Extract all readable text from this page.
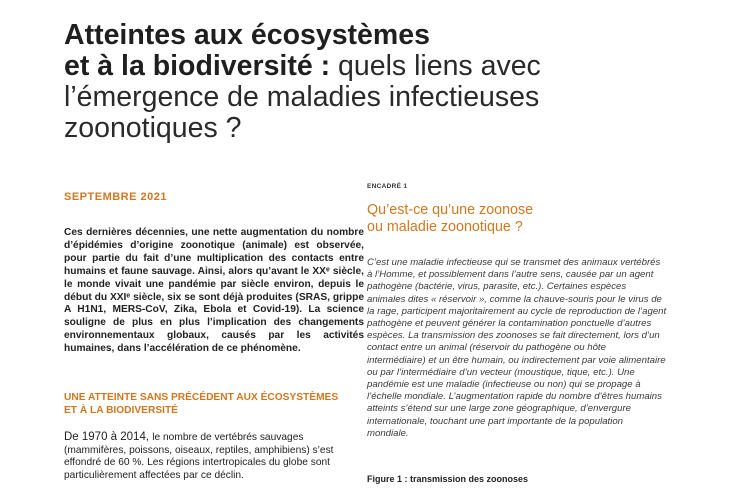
Atteintes aux écosystèmes
et à la biodiversité : quels liens avec
l’émergence de maladies infectieuses
zoonotiques ?
SEPTEMBRE 2021

Ces dernières décennies, une nette augmentation du nombre d’épidémies d’origine zoonotique (animale) est observée, pour partie du fait d’une multiplication des contacts entre humains et faune sauvage. Ainsi, alors qu’avant le XXᵉ siècle, le monde vivait une pandémie par siècle environ, depuis le début du XXIᵉ siècle, six se sont déjà produites (SRAS, grippe A H1N1, MERS-CoV, Zika, Ebola et Covid-19). La science souligne de plus en plus l’implication des changements environnementaux globaux, causés par les activités humaines, dans l’accélération de ce phénomène.

UNE ATTEINTE SANS PRÉCÉDENT AUX ÉCOSYSTÈMES
ET À LA BIODIVERSITÉ

De 1970 à 2014, le nombre de vertébrés sauvages (mammifères, poissons, oiseaux, reptiles, amphibiens) s’est effondré de 60 %. Les régions intertropicales du globe sont particulièrement affectées par ce déclin.

ENCADRÉ 1
Qu’est-ce qu’une zoonose
ou maladie zoonotique ?

C’est une maladie infectieuse qui se transmet des animaux vertébrés à l’Homme, et possiblement dans l’autre sens, causée par un agent pathogène (bactérie, virus, parasite, etc.). Certaines espèces animales dites « réservoir », comme la chauve-souris pour le virus de la rage, participent majoritairement au cycle de reproduction de l’agent pathogène et peuvent générer la contamination ponctuelle d’autres espèces. La transmission des zoonoses se fait directement, lors d’un contact entre un animal (réservoir du pathogène ou hôte intermédiaire) et un être humain, ou indirectement par voie alimentaire ou par l’intermédiaire d’un vecteur (moustique, tique, etc.). Une pandémie est une maladie (infectieuse ou non) qui se propage à l’échelle mondiale. L’augmentation rapide du nombre d’êtres humains atteints s’étend sur une large zone géographique, d’envergure internationale, touchant une part importante de la population mondiale.

Figure 1 : transmission des zoonoses
